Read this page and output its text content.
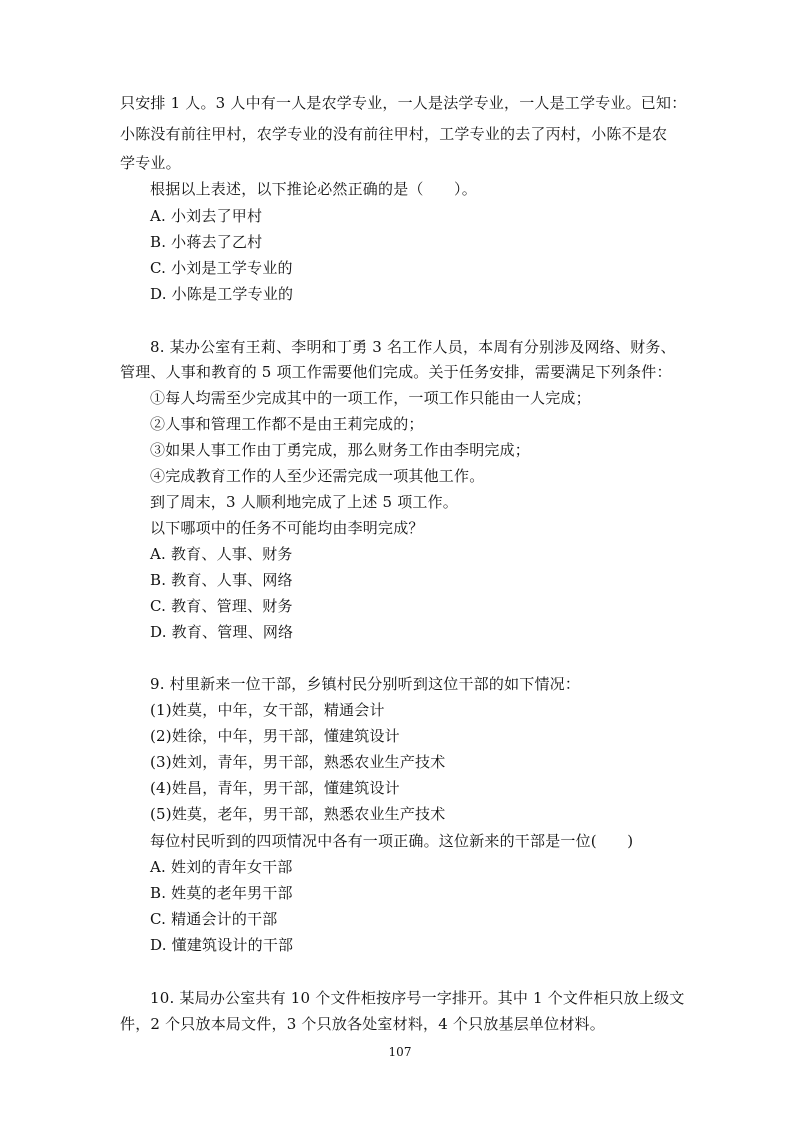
只安排 1 人。3 人中有一人是农学专业，一人是法学专业，一人是工学专业。已知：
小陈没有前往甲村，农学专业的没有前往甲村，工学专业的去了丙村，小陈不是农
学专业。
根据以上表述，以下推论必然正确的是（　　）。
A. 小刘去了甲村
B. 小蒋去了乙村
C. 小刘是工学专业的
D. 小陈是工学专业的
8. 某办公室有王莉、李明和丁勇 3 名工作人员，本周有分别涉及网络、财务、
管理、人事和教育的 5 项工作需要他们完成。关于任务安排，需要满足下列条件：
①每人均需至少完成其中的一项工作，一项工作只能由一人完成；
②人事和管理工作都不是由王莉完成的；
③如果人事工作由丁勇完成，那么财务工作由李明完成；
④完成教育工作的人至少还需完成一项其他工作。
到了周末，3 人顺利地完成了上述 5 项工作。
以下哪项中的任务不可能均由李明完成？
A. 教育、人事、财务
B. 教育、人事、网络
C. 教育、管理、财务
D. 教育、管理、网络
9. 村里新来一位干部，乡镇村民分别听到这位干部的如下情况：
(1)姓莫，中年，女干部，精通会计
(2)姓徐，中年，男干部，懂建筑设计
(3)姓刘，青年，男干部，熟悉农业生产技术
(4)姓昌，青年，男干部，懂建筑设计
(5)姓莫，老年，男干部，熟悉农业生产技术
每位村民听到的四项情况中各有一项正确。这位新来的干部是一位(　　)
A. 姓刘的青年女干部
B. 姓莫的老年男干部
C. 精通会计的干部
D. 懂建筑设计的干部
10. 某局办公室共有 10 个文件柜按序号一字排开。其中 1 个文件柜只放上级文
件，2 个只放本局文件，3 个只放各处室材料，4 个只放基层单位材料。
107
